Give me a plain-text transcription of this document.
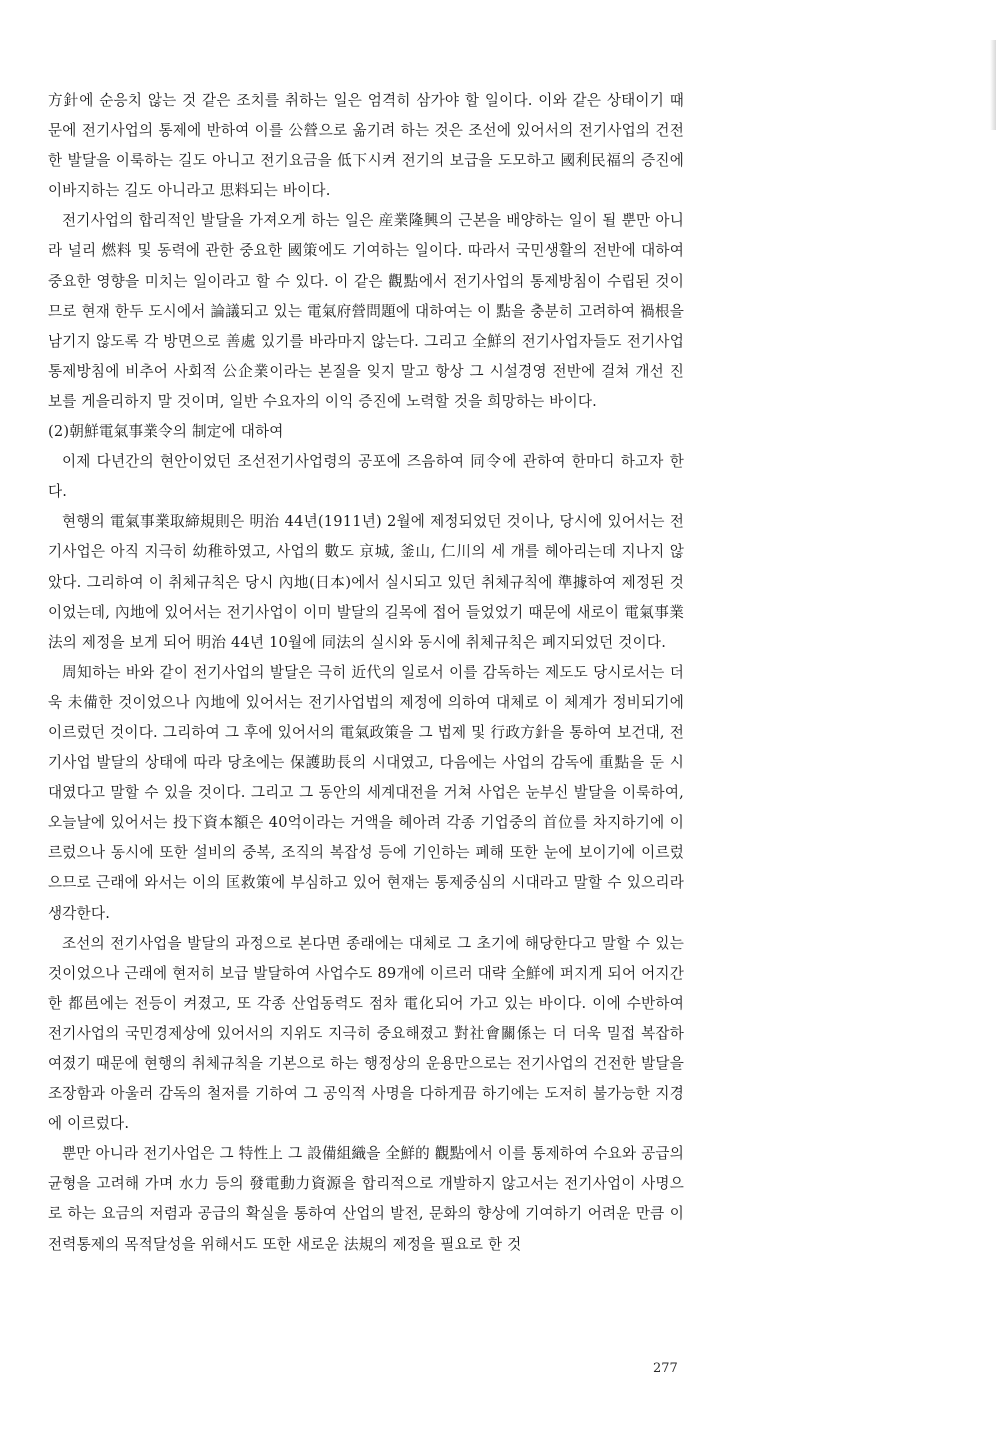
方針에 순응치 않는 것 같은 조치를 취하는 일은 엄격히 삼가야 할 일이다. 이와 같은 상태이기 때문에 전기사업의 통제에 반하여 이를 公營으로 옮기려 하는 것은 조선에 있어서의 전기사업의 건전한 발달을 이룩하는 길도 아니고 전기요금을 低下시켜 전기의 보급을 도모하고 國利民福의 증진에 이바지하는 길도 아니라고 思料되는 바이다.

전기사업의 합리적인 발달을 가져오게 하는 일은 産業隆興의 근본을 배양하는 일이 될 뿐만 아니라 널리 燃料 및 동력에 관한 중요한 國策에도 기여하는 일이다. 따라서 국민생활의 전반에 대하여 중요한 영향을 미치는 일이라고 할 수 있다. 이 같은 觀點에서 전기사업의 통제방침이 수립된 것이므로 현재 한두 도시에서 論議되고 있는 電氣府營問題에 대하여는 이 點을 충분히 고려하여 禍根을 남기지 않도록 각 방면으로 善處 있기를 바라마지 않는다. 그리고 全鮮의 전기사업자들도 전기사업 통제방침에 비추어 사회적 公企業이라는 본질을 잊지 말고 항상 그 시설경영 전반에 걸쳐 개선 진보를 게을리하지 말 것이며, 일반 수요자의 이익 증진에 노력할 것을 희망하는 바이다.

(2)朝鮮電氣事業令의 制定에 대하여

이제 다년간의 현안이었던 조선전기사업령의 공포에 즈음하여 同令에 관하여 한마디 하고자 한다.

현행의 電氣事業取締規則은 明治 44년(1911년) 2월에 제정되었던 것이나, 당시에 있어서는 전기사업은 아직 지극히 幼稚하였고, 사업의 數도 京城, 釜山, 仁川의 세 개를 헤아리는데 지나지 않았다. 그리하여 이 취체규칙은 당시 內地(日本)에서 실시되고 있던 취체규칙에 準據하여 제정된 것이었는데, 內地에 있어서는 전기사업이 이미 발달의 길목에 접어 들었었기 때문에 새로이 電氣事業法의 제정을 보게 되어 明治 44년 10월에 同法의 실시와 동시에 취체규칙은 폐지되었던 것이다.

周知하는 바와 같이 전기사업의 발달은 극히 近代의 일로서 이를 감독하는 제도도 당시로서는 더욱 未備한 것이었으나 內地에 있어서는 전기사업법의 제정에 의하여 대체로 이 체계가 정비되기에 이르렀던 것이다. 그리하여 그 후에 있어서의 電氣政策을 그 법제 및 行政方針을 통하여 보건대, 전기사업 발달의 상태에 따라 당초에는 保護助長의 시대였고, 다음에는 사업의 감독에 重點을 둔 시대였다고 말할 수 있을 것이다. 그리고 그 동안의 세계대전을 거쳐 사업은 눈부신 발달을 이룩하여, 오늘날에 있어서는 投下資本額은 40억이라는 거액을 헤아려 각종 기업중의 首位를 차지하기에 이르렀으나 동시에 또한 설비의 중복, 조직의 복잡성 등에 기인하는 폐해 또한 눈에 보이기에 이르렀으므로 근래에 와서는 이의 匡救策에 부심하고 있어 현재는 통제중심의 시대라고 말할 수 있으리라 생각한다.

조선의 전기사업을 발달의 과정으로 본다면 종래에는 대체로 그 초기에 해당한다고 말할 수 있는 것이었으나 근래에 현저히 보급 발달하여 사업수도 89개에 이르러 대략 全鮮에 퍼지게 되어 어지간한 都邑에는 전등이 켜졌고, 또 각종 산업동력도 점차 電化되어 가고 있는 바이다. 이에 수반하여 전기사업의 국민경제상에 있어서의 지위도 지극히 중요해졌고 對社會關係는 더 더욱 밀접 복잡하여졌기 때문에 현행의 취체규칙을 기본으로 하는 행정상의 운용만으로는 전기사업의 건전한 발달을 조장함과 아울러 감독의 철저를 기하여 그 공익적 사명을 다하게끔 하기에는 도저히 불가능한 지경에 이르렀다.

뿐만 아니라 전기사업은 그 特性上 그 設備組織을 全鮮的 觀點에서 이를 통제하여 수요와 공급의 균형을 고려해 가며 水力 등의 發電動力資源을 합리적으로 개발하지 않고서는 전기사업이 사명으로 하는 요금의 저렴과 공급의 확실을 통하여 산업의 발전, 문화의 향상에 기여하기 어려운 만큼 이 전력통제의 목적달성을 위해서도 또한 새로운 法規의 제정을 필요로 한 것

277
